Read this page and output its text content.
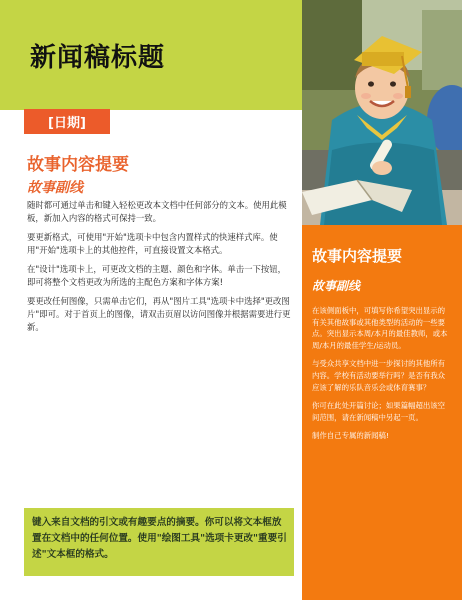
新闻稿标题
[日期]
故事内容提要
故事副线

随时都可通过单击和键入轻松更改本文档中任何部分的文本。使用此模板，新加入内容的格式可保持一致。

要更新格式，可使用"开始"选项卡中包含内置样式的快速样式库。使用"开始"选项卡上的其他控件，可直接设置文本格式。

在"设计"选项卡上，可更改文档的主题、颜色和字体。单击一下按钮，即可将整个文档更改为所选的主配色方案和字体方案!

要更改任何图像，只需单击它们，再从"图片工具"选项卡中选择"更改图片"即可。对于首页上的图像，请双击页眉以访问图像并根据需要进行更新。

故事内容提要
故事副线

在该侧面板中，可填写你希望突出显示的有关其他故事或其他类型的活动的一些要点。突出显示本周/本月的最佳教师，或本周/本月的最佳学生/运动员。

与受众共享文档中进一步探讨的其他所有内容。学校有活动要举行吗？是否有我众应该了解的乐队音乐会或体育赛事？

你可在此处开篇讨论；如果篇幅超出该空间范围，请在新闻稿中另起一页。

制作自己专属的新闻稿!

键入来自文档的引文或有趣要点的摘要。你可以将文本框放置在文档中的任何位置。使用"绘图工具"选项卡更改"重要引述"文本框的格式。
